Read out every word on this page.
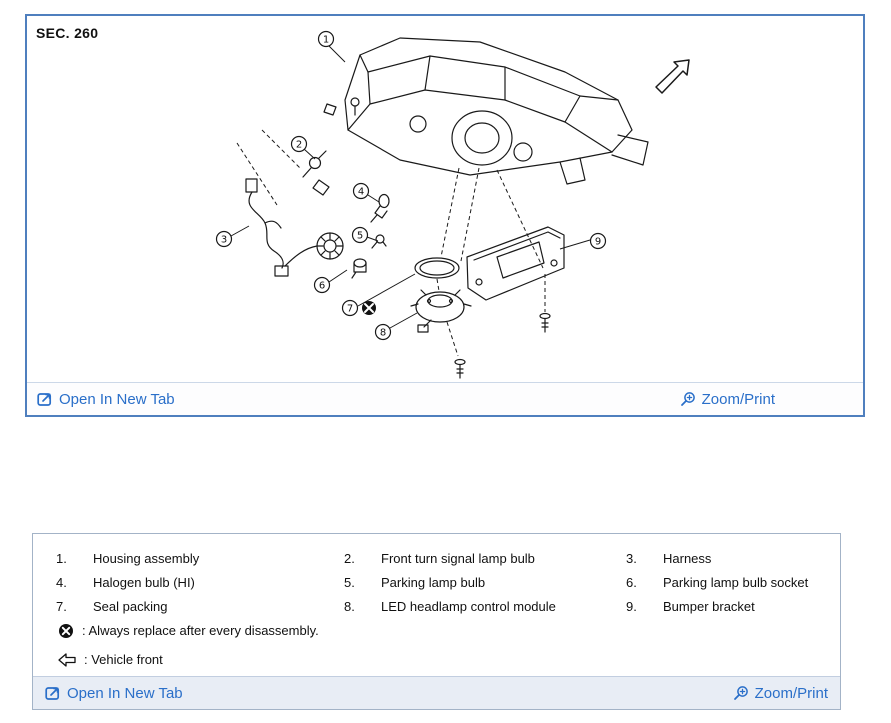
1
2
3
4
5
6
7
8
9
SEC. 260
Open In New Tab	Zoom/Print
1.	Housing assembly	2.	Front turn signal lamp bulb	3.	Harness
4.	Halogen bulb (HI)	5.	Parking lamp bulb	6.	Parking lamp bulb socket
7.	Seal packing	8.	LED headlamp control module	9.	Bumper bracket
: Always replace after every disassembly.
: Vehicle front
Open In New Tab	Zoom/Print
